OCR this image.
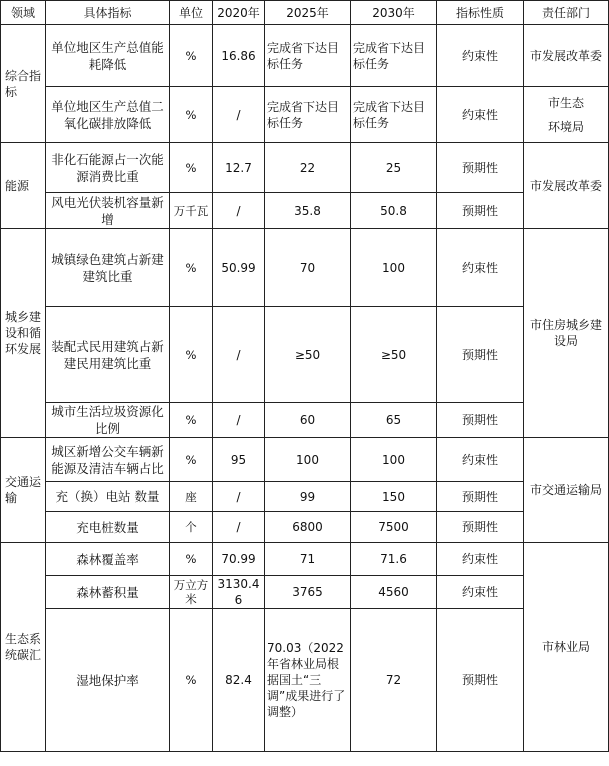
领域	具体指标	单位	2020年	2025年	2030年	指标性质	责任部门
综合指标	单位地区生产总值能耗降低	%	16.86	完成省下达目标任务	完成省下达目标任务	约束性	市发展改革委
	单位地区生产总值二氧化碳排放降低	%	/	完成省下达目标任务	完成省下达目标任务	约束性	市生态
环境局

能源	非化石能源占一次能源消费比重	%	12.7	22	25	预期性	市发展改革委
	风电光伏装机容量新增	万千瓦	/	35.8	50.8	预期性	
城乡建设和循环发展	城镇绿色建筑占新建建筑比重	%	50.99	70	100	约束性	市住房城乡建设局
	装配式民用建筑占新建民用建筑比重	%	/	≥50	≥50	预期性	
	城市生活垃圾资源化比例	%	/	60	65	预期性	
交通运输	城区新增公交车辆新能源及清洁车辆占比	%	95	100	100	约束性	市交通运输局
	充（换）电站 数量	座	/	99	150	预期性	
	充电桩数量	个	/	6800	7500	预期性	
生态系统碳汇	森林覆盖率	%	70.99	71	71.6	约束性	市林业局
	森林蓄积量	万立方米	3130.46	3765	4560	约束性	
	湿地保护率	%	82.4	70.03（2022年省林业局根据国土“三调”成果进行了调整）	72	预期性	
